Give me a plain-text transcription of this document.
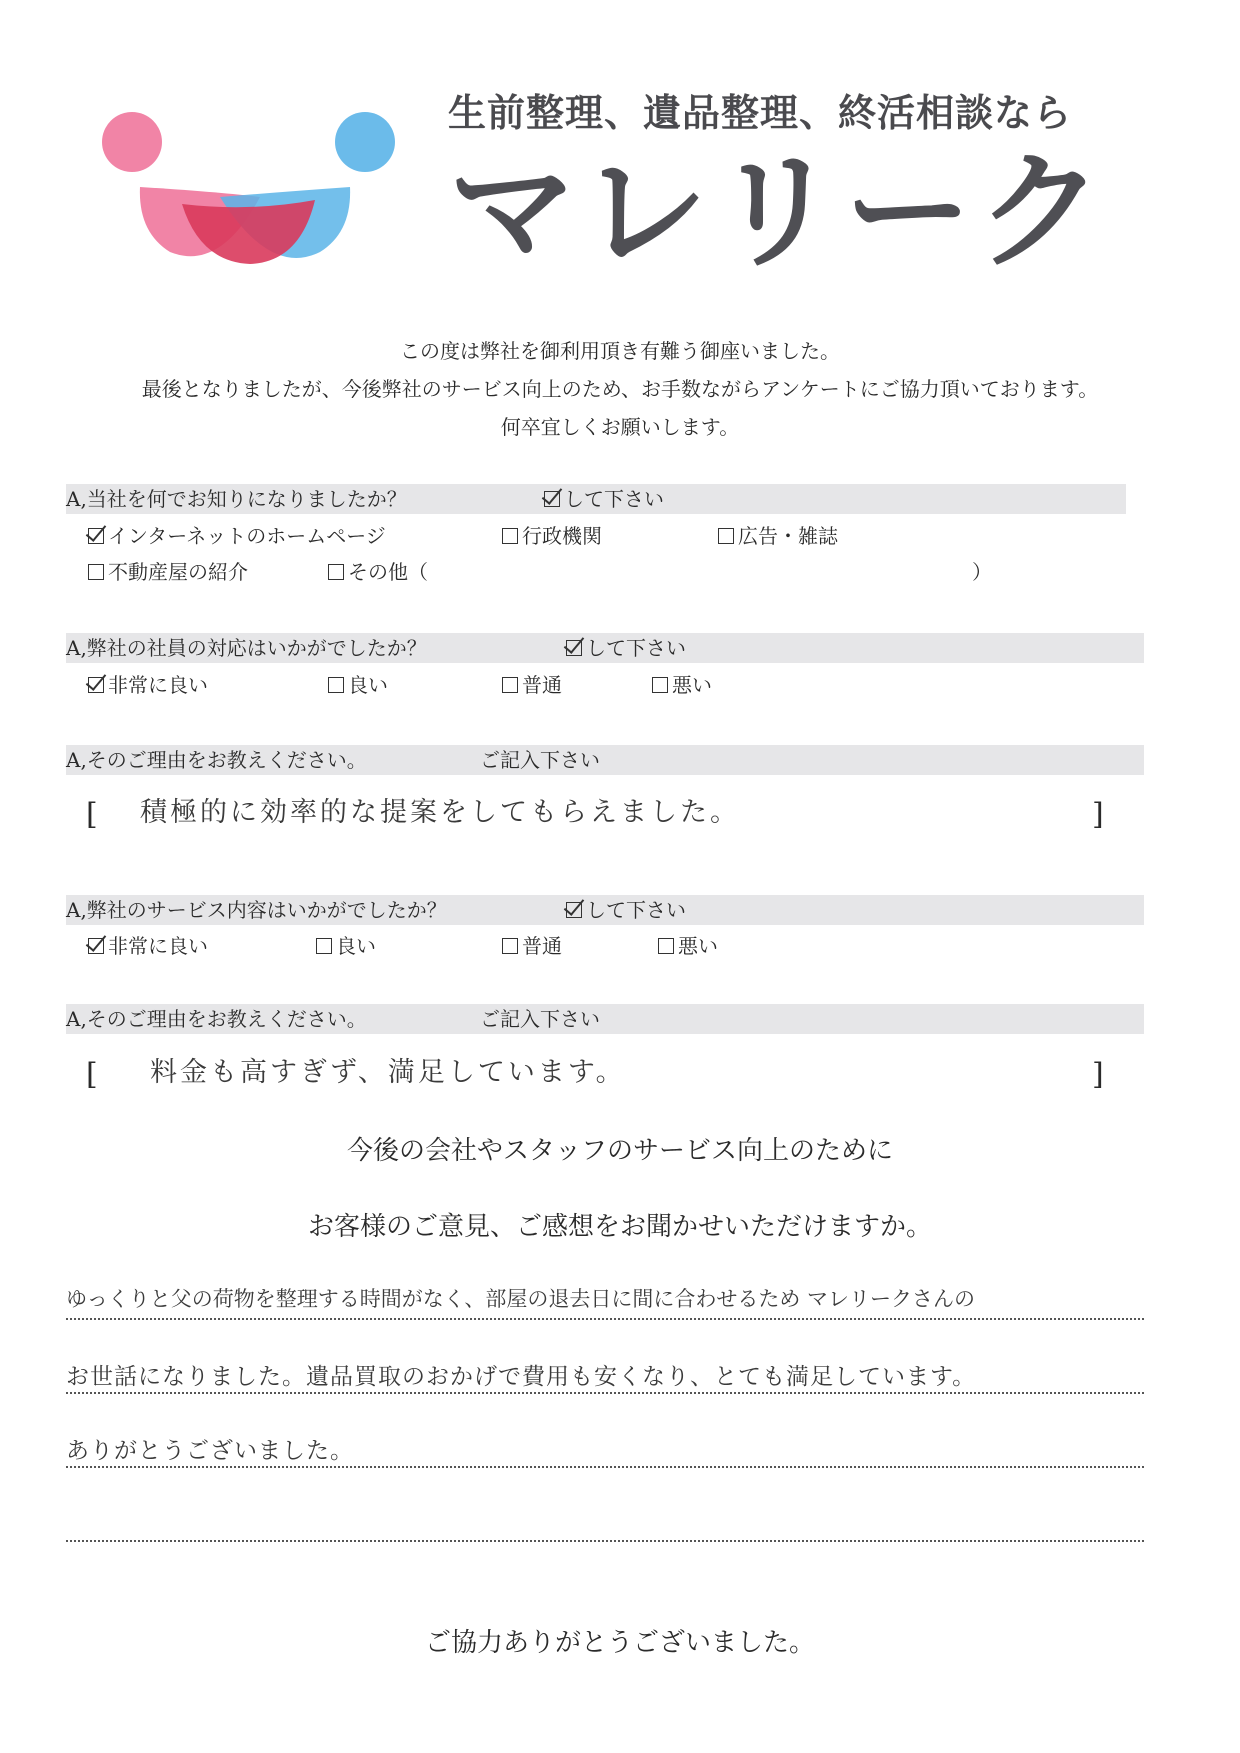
生前整理、遺品整理、終活相談なら
マレリーク
この度は弊社を御利用頂き有難う御座いました。
最後となりましたが、今後弊社のサービス向上のため、お手数ながらアンケートにご協力頂いております。
何卒宜しくお願いします。
A,当社を何でお知りになりましたか？	して下さい
インターネットのホームページ	行政機関	広告・雑誌
不動産屋の紹介	その他（	）
A,弊社の社員の対応はいかがでしたか？	して下さい
非常に良い	良い	普通	悪い
A,そのご理由をお教えください。	ご記入下さい
[ 積極的に効率的な提案をしてもらえました。	]
A,弊社のサービス内容はいかがでしたか？	して下さい
非常に良い	良い	普通	悪い
A,そのご理由をお教えください。	ご記入下さい
[ 料金も高すぎず、満足しています。	]
今後の会社やスタッフのサービス向上のために
お客様のご意見、ご感想をお聞かせいただけますか。
ゆっくりと父の荷物を整理する時間がなく、部屋の退去日に間に合わせるため マレリークさんの
お世話になりました。遺品買取のおかげで費用も安くなり、とても満足しています。
ありがとうございました。
ご協力ありがとうございました。
